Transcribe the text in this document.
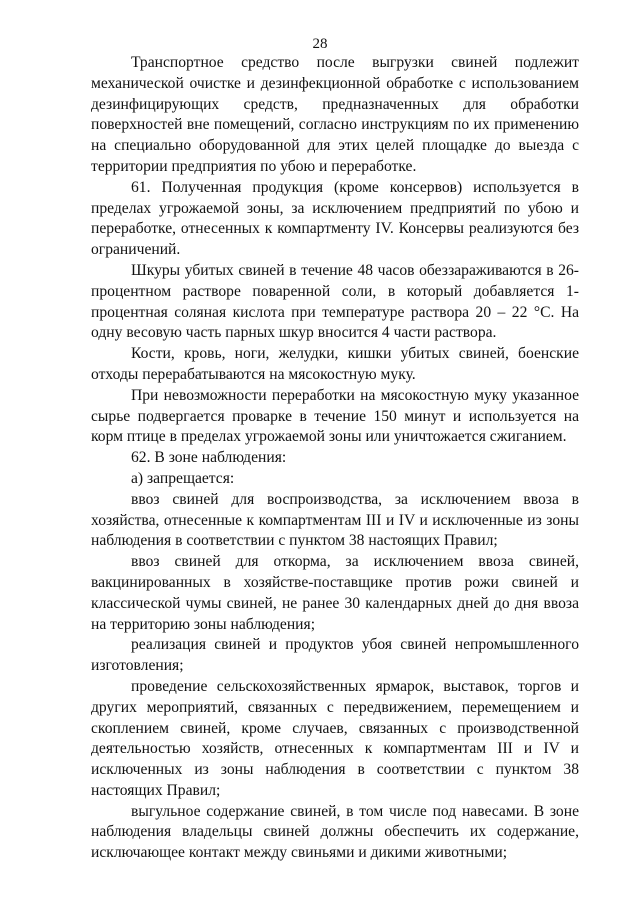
28

Транспортное средство после выгрузки свиней подлежит механической очистке и дезинфекционной обработке с использованием дезинфицирующих средств, предназначенных для обработки поверхностей вне помещений, согласно инструкциям по их применению на специально оборудованной для этих целей площадке до выезда с территории предприятия по убою и переработке.

61. Полученная продукция (кроме консервов) используется в пределах угрожаемой зоны, за исключением предприятий по убою и переработке, отнесенных к компартменту IV. Консервы реализуются без ограничений.

Шкуры убитых свиней в течение 48 часов обеззараживаются в 26-процентном растворе поваренной соли, в который добавляется 1-процентная соляная кислота при температуре раствора 20 – 22 °С. На одну весовую часть парных шкур вносится 4 части раствора.

Кости, кровь, ноги, желудки, кишки убитых свиней, боенские отходы перерабатываются на мясокостную муку.

При невозможности переработки на мясокостную муку указанное сырье подвергается проварке в течение 150 минут и используется на корм птице в пределах угрожаемой зоны или уничтожается сжиганием.

62. В зоне наблюдения:

а) запрещается:

ввоз свиней для воспроизводства, за исключением ввоза в хозяйства, отнесенные к компартментам III и IV и исключенные из зоны наблюдения в соответствии с пунктом 38 настоящих Правил;

ввоз свиней для откорма, за исключением ввоза свиней, вакцинированных в хозяйстве-поставщике против рожи свиней и классической чумы свиней, не ранее 30 календарных дней до дня ввоза на территорию зоны наблюдения;

реализация свиней и продуктов убоя свиней непромышленного изготовления;

проведение сельскохозяйственных ярмарок, выставок, торгов и других мероприятий, связанных с передвижением, перемещением и скоплением свиней, кроме случаев, связанных с производственной деятельностью хозяйств, отнесенных к компартментам III и IV и исключенных из зоны наблюдения в соответствии с пунктом 38 настоящих Правил;

выгульное содержание свиней, в том числе под навесами. В зоне наблюдения владельцы свиней должны обеспечить их содержание, исключающее контакт между свиньями и дикими животными;
